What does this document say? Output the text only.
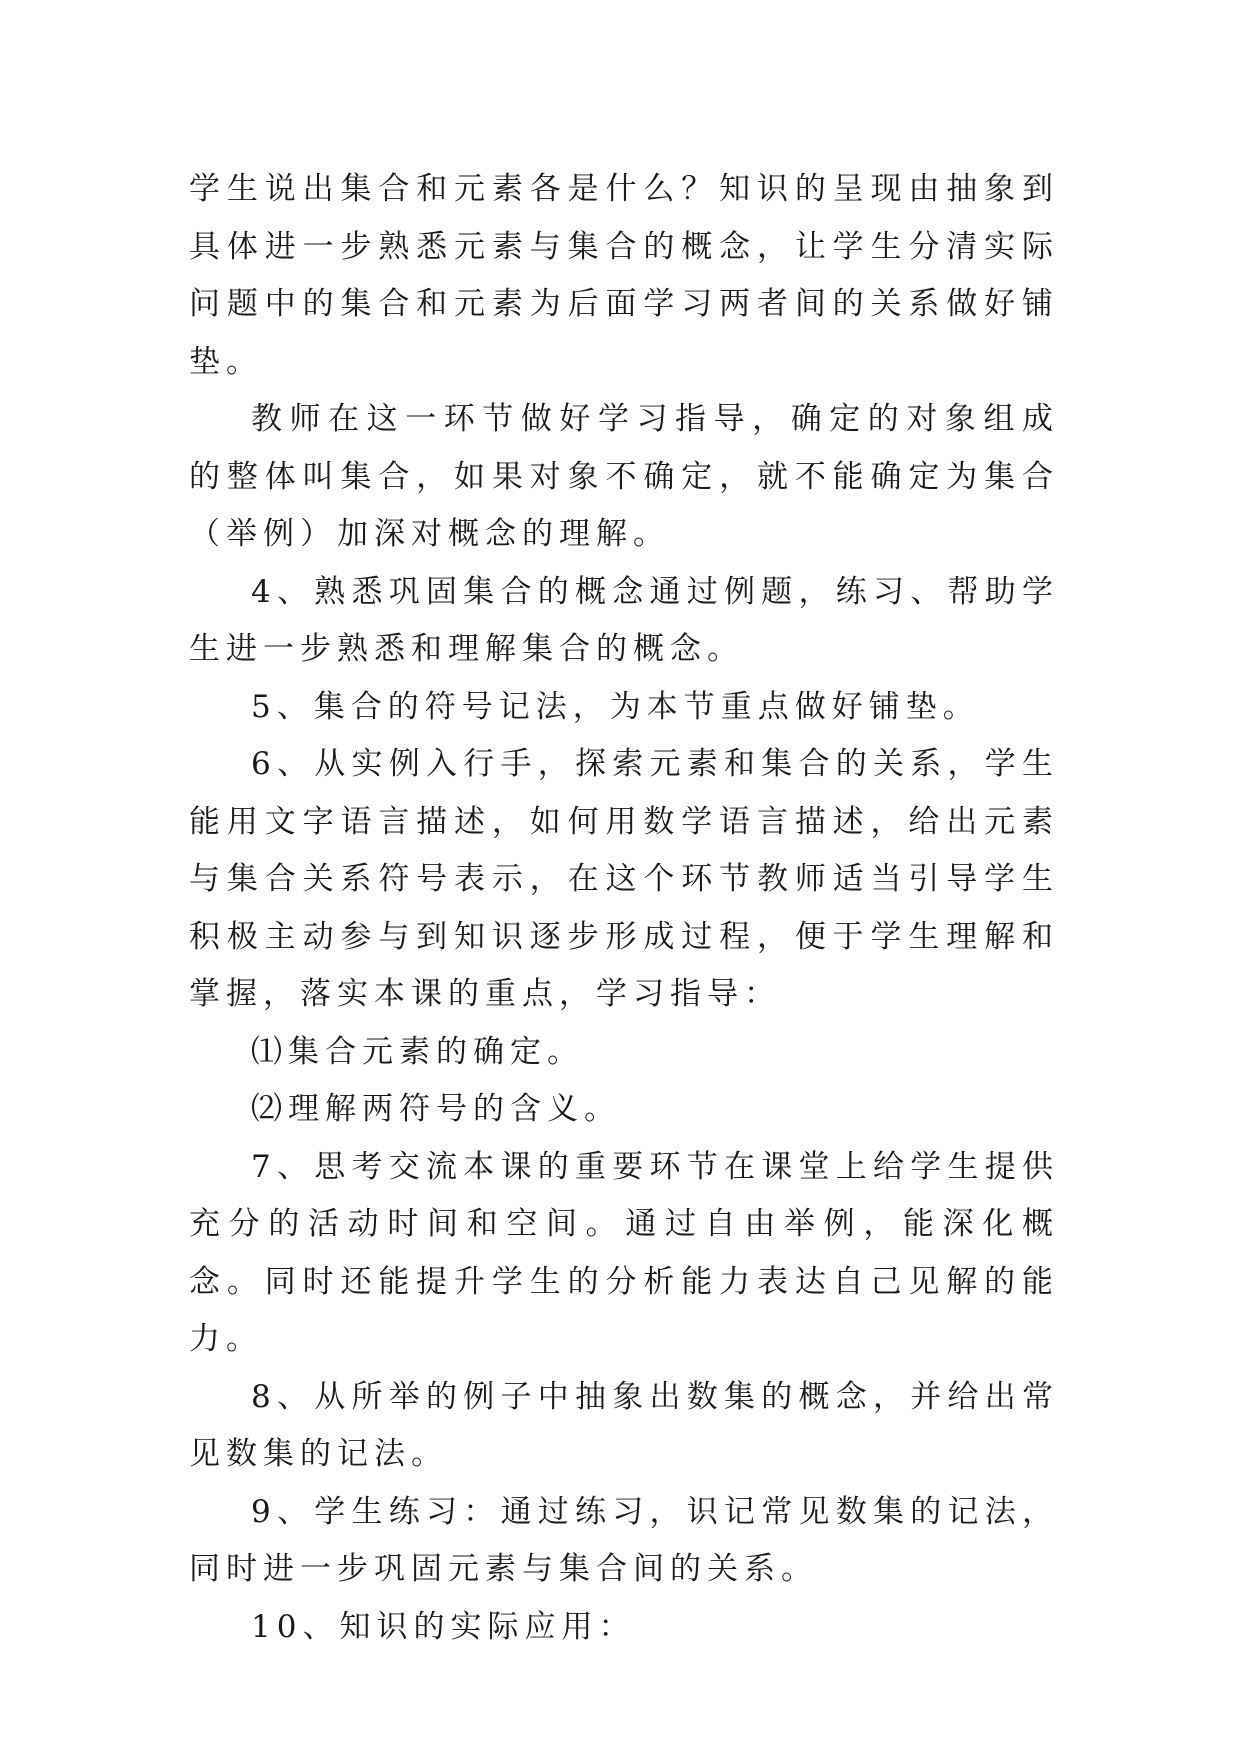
学生说出集合和元素各是什么？知识的呈现由抽象到具体进一步熟悉元素与集合的概念，让学生分清实际问题中的集合和元素为后面学习两者间的关系做好铺垫。

教师在这一环节做好学习指导，确定的对象组成的整体叫集合，如果对象不确定，就不能确定为集合（举例）加深对概念的理解。

4、熟悉巩固集合的概念通过例题，练习、帮助学生进一步熟悉和理解集合的概念。

5、集合的符号记法，为本节重点做好铺垫。

6、从实例入行手，探索元素和集合的关系，学生能用文字语言描述，如何用数学语言描述，给出元素与集合关系符号表示，在这个环节教师适当引导学生积极主动参与到知识逐步形成过程，便于学生理解和掌握，落实本课的重点，学习指导：

⑴集合元素的确定。

⑵理解两符号的含义。

7、思考交流本课的重要环节在课堂上给学生提供充分的活动时间和空间。通过自由举例，能深化概念。同时还能提升学生的分析能力表达自己见解的能力。

8、从所举的例子中抽象出数集的概念，并给出常见数集的记法。

9、学生练习：通过练习，识记常见数集的记法，同时进一步巩固元素与集合间的关系。

10、知识的实际应用：
